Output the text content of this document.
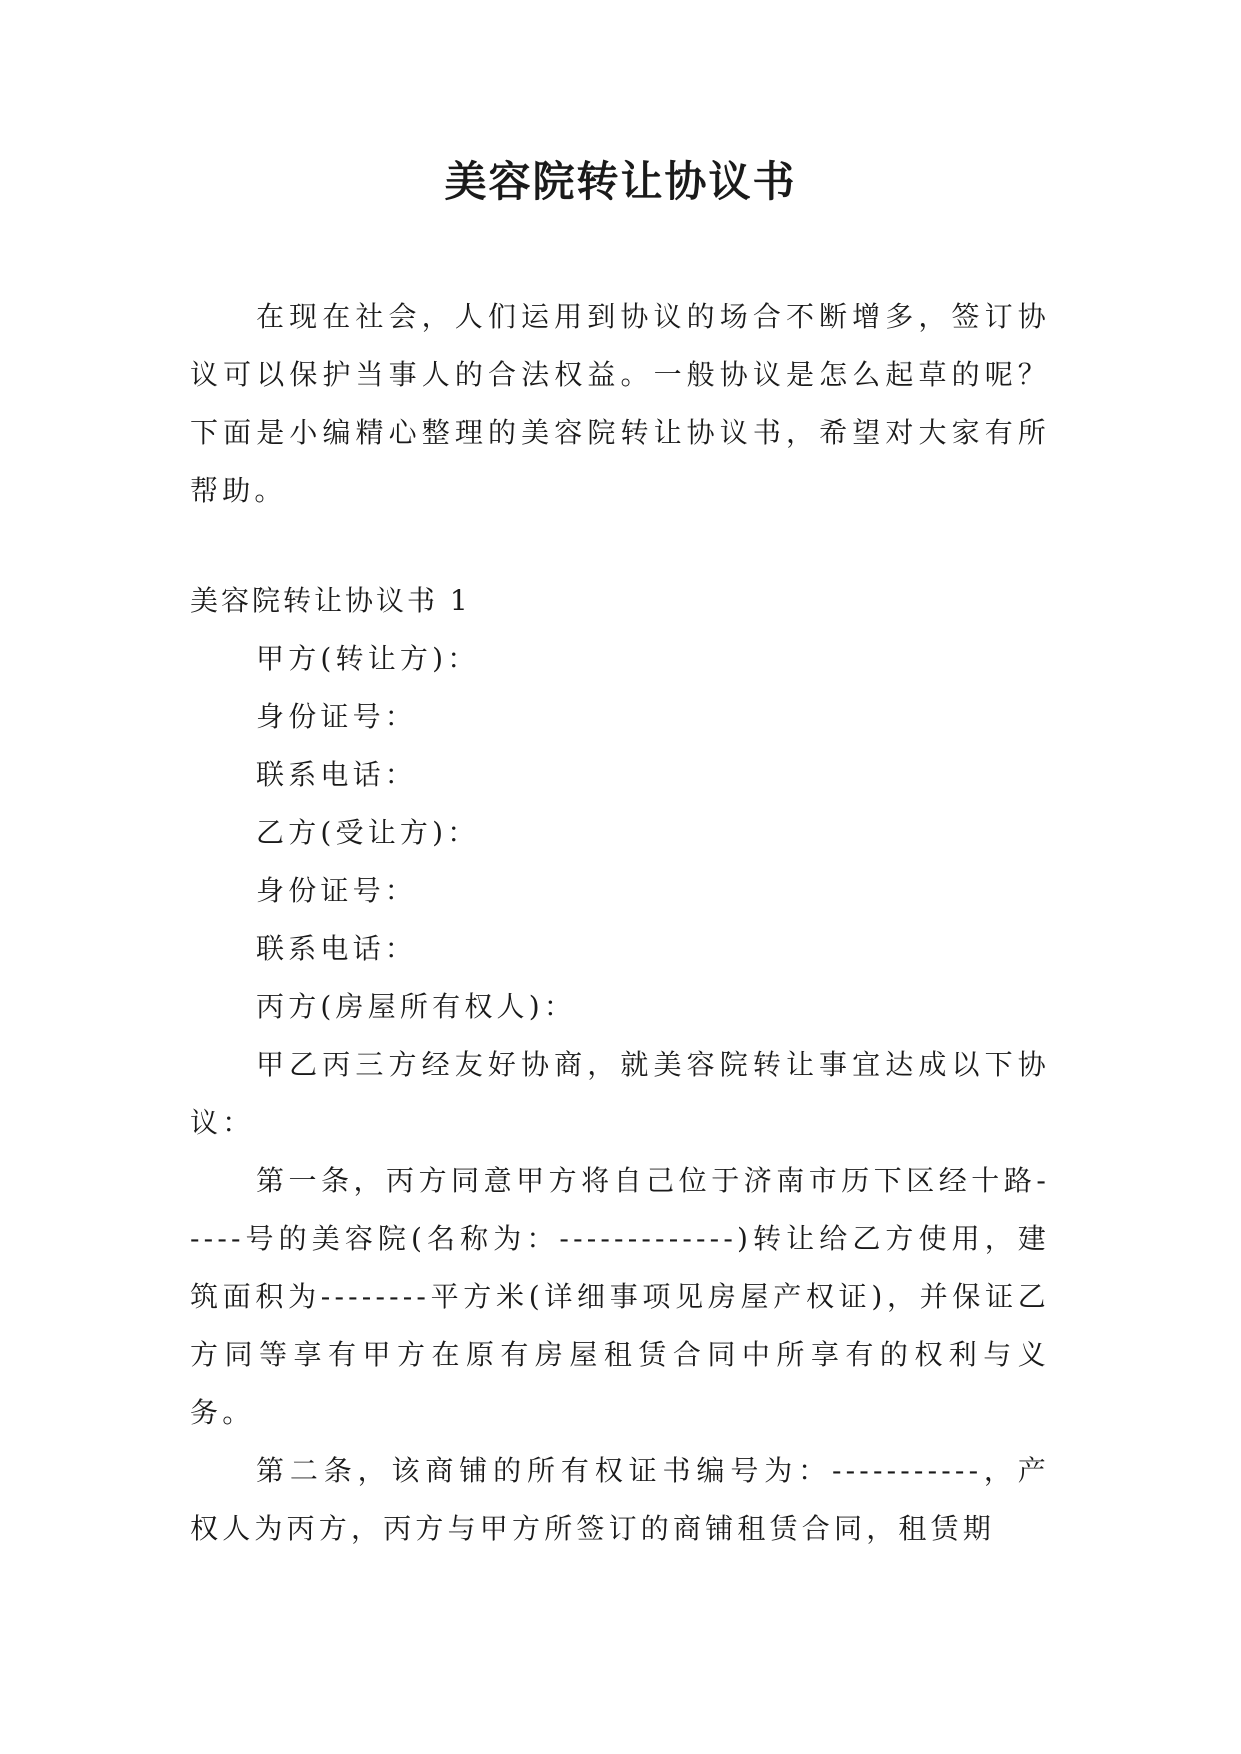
美容院转让协议书

在现在社会，人们运用到协议的场合不断增多，签订协议可以保护当事人的合法权益。一般协议是怎么起草的呢？下面是小编精心整理的美容院转让协议书，希望对大家有所帮助。

美容院转让协议书 1

甲方(转让方)：

身份证号：

联系电话：

乙方(受让方)：

身份证号：

联系电话：

丙方(房屋所有权人)：

甲乙丙三方经友好协商，就美容院转让事宜达成以下协议：

第一条，丙方同意甲方将自己位于济南市历下区经十路-----号的美容院(名称为：-------------)转让给乙方使用，建筑面积为--------平方米(详细事项见房屋产权证)，并保证乙方同等享有甲方在原有房屋租赁合同中所享有的权利与义务。

第二条，该商铺的所有权证书编号为：-----------，产权人为丙方，丙方与甲方所签订的商铺租赁合同，租赁期
